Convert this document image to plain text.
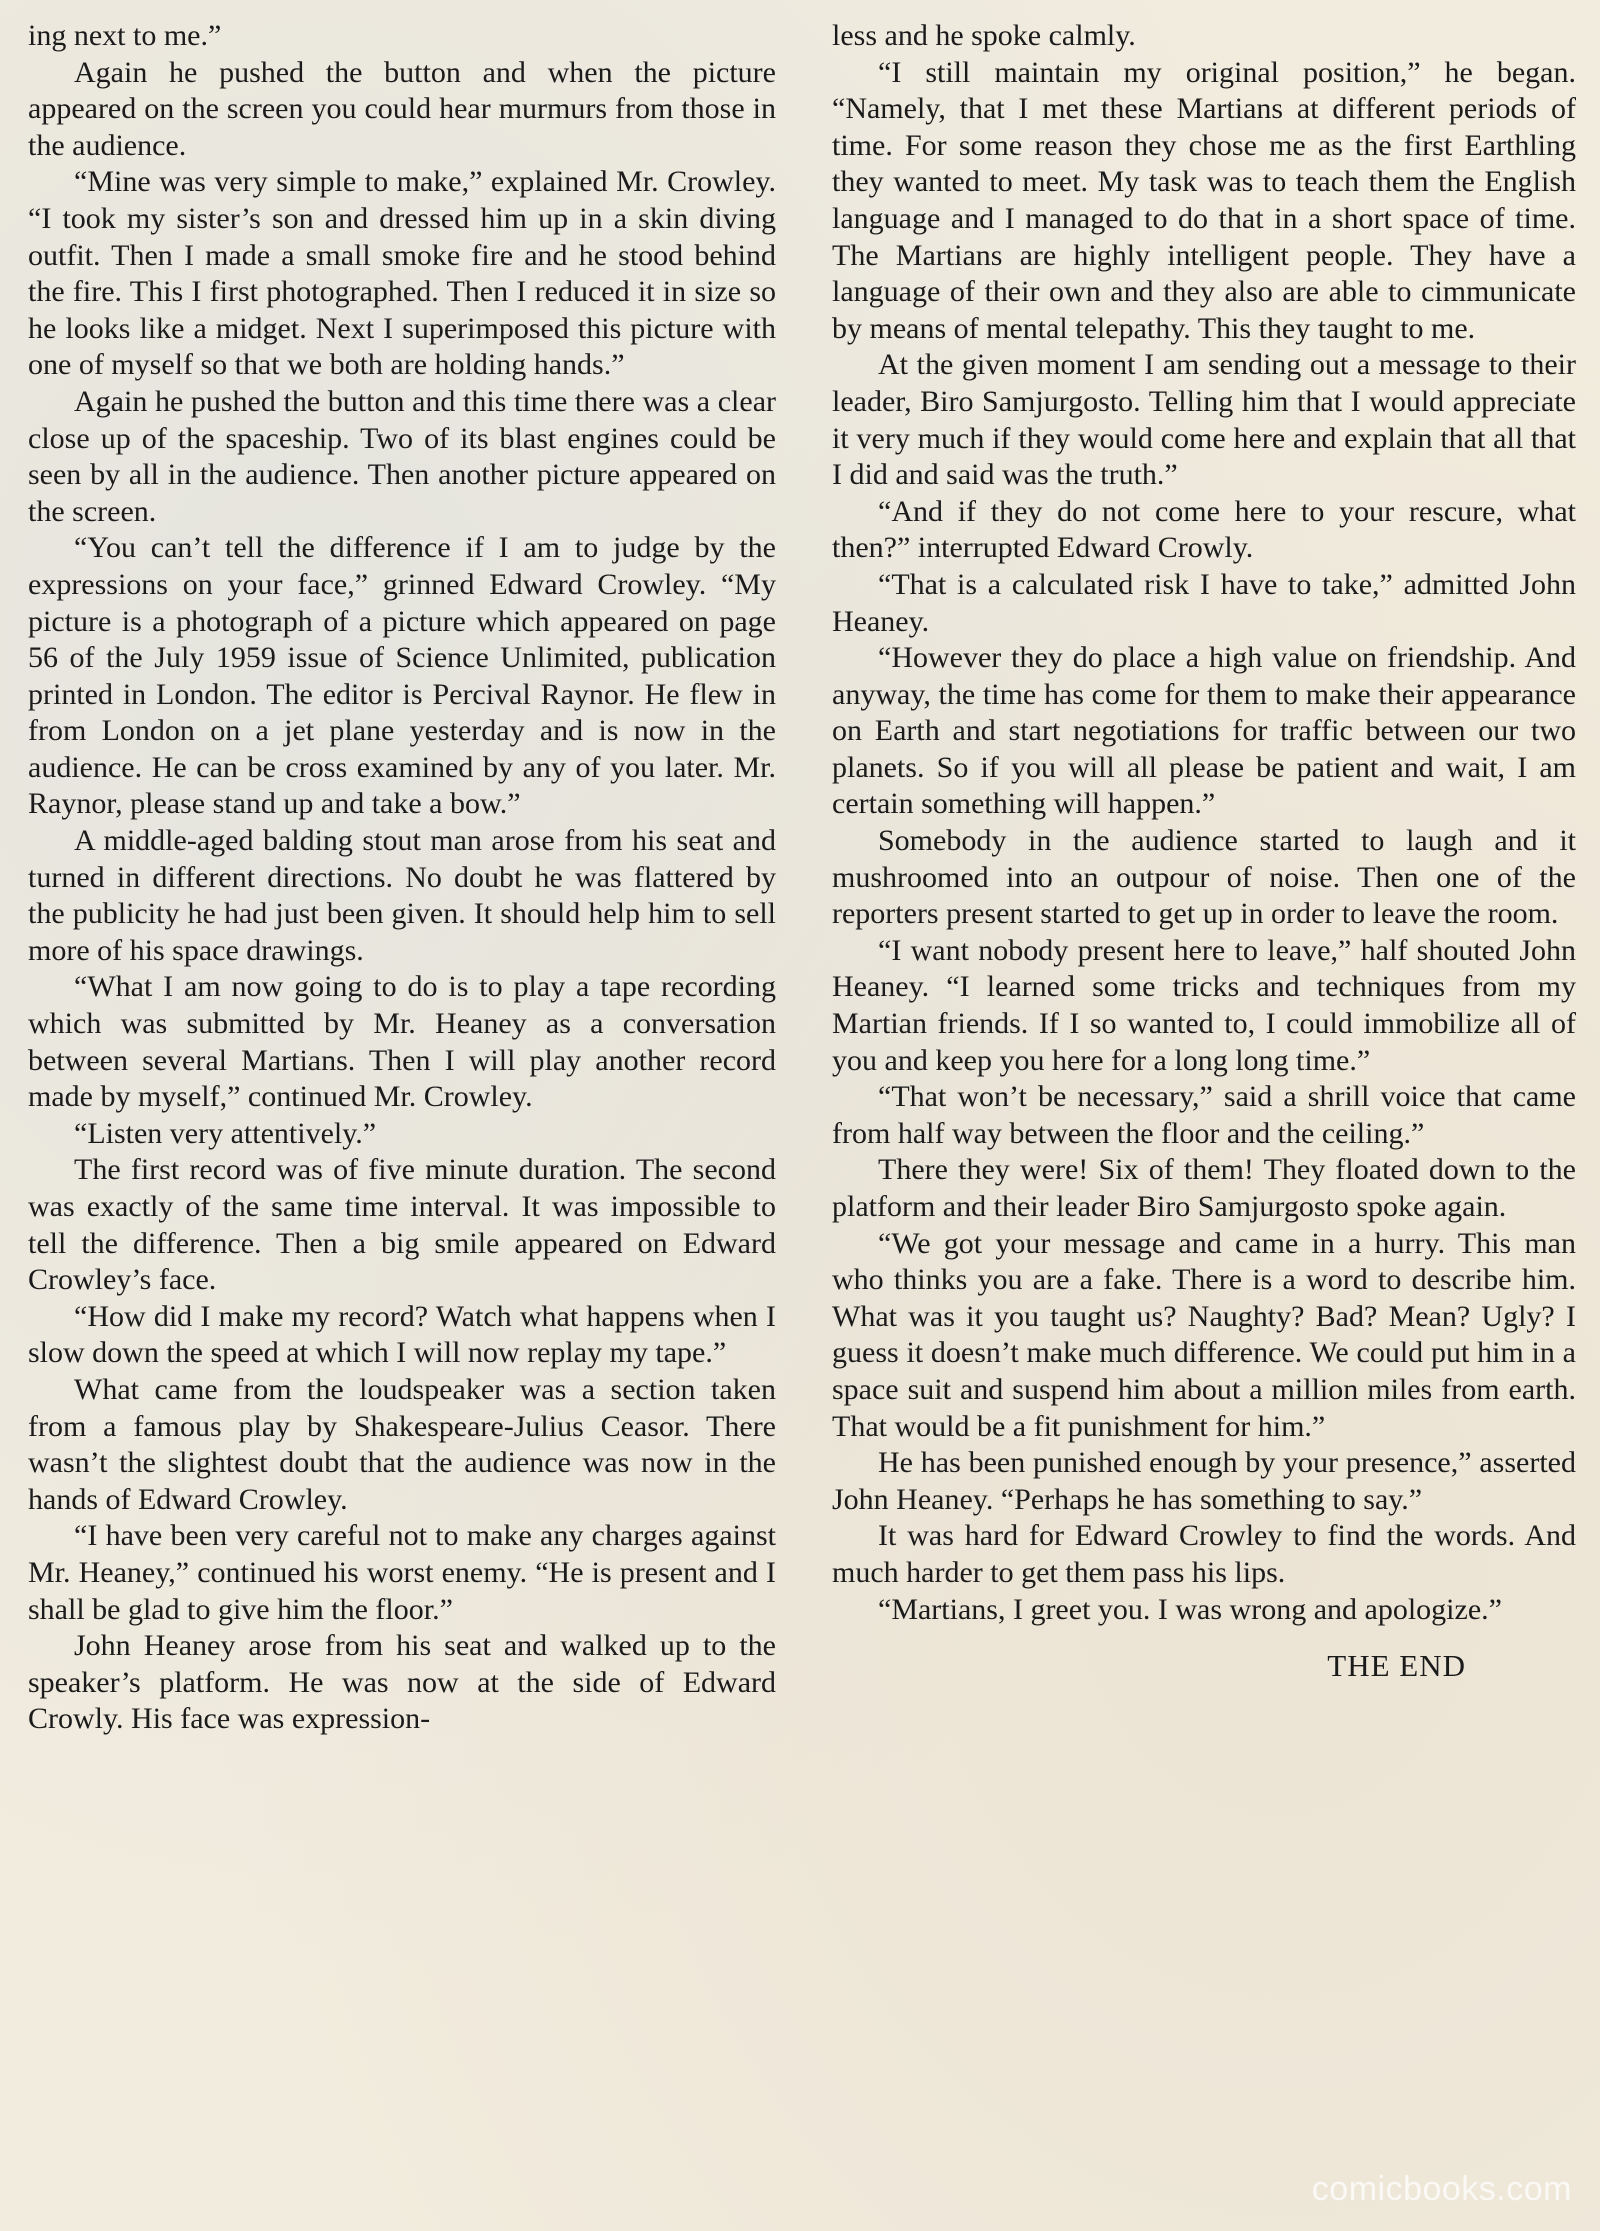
ing next to me.”

Again he pushed the button and when the picture appeared on the screen you could hear murmurs from those in the audience.

“Mine was very simple to make,” explained Mr. Crowley. “I took my sister’s son and dressed him up in a skin diving outfit. Then I made a small smoke fire and he stood behind the fire. This I first photographed. Then I reduced it in size so he looks like a midget. Next I superimposed this picture with one of myself so that we both are holding hands.”

Again he pushed the button and this time there was a clear close up of the spaceship. Two of its blast engines could be seen by all in the audience. Then another picture appeared on the screen.

“You can’t tell the difference if I am to judge by the expressions on your face,” grinned Edward Crowley. “My picture is a photograph of a picture which appeared on page 56 of the July 1959 issue of Science Unlimited, publication printed in London. The editor is Percival Raynor. He flew in from London on a jet plane yesterday and is now in the audience. He can be cross examined by any of you later. Mr. Raynor, please stand up and take a bow.”

A middle-aged balding stout man arose from his seat and turned in different directions. No doubt he was flattered by the publicity he had just been given. It should help him to sell more of his space drawings.

“What I am now going to do is to play a tape recording which was submitted by Mr. Heaney as a conversation between several Martians. Then I will play another record made by myself,” continued Mr. Crowley.

“Listen very attentively.”

The first record was of five minute duration. The second was exactly of the same time interval. It was impossible to tell the difference. Then a big smile appeared on Edward Crowley’s face.

“How did I make my record? Watch what happens when I slow down the speed at which I will now replay my tape.”

What came from the loudspeaker was a section taken from a famous play by Shakespeare-Julius Ceasor. There wasn’t the slightest doubt that the audience was now in the hands of Edward Crowley.

“I have been very careful not to make any charges against Mr. Heaney,” continued his worst enemy. “He is present and I shall be glad to give him the floor.”

John Heaney arose from his seat and walked up to the speaker’s platform. He was now at the side of Edward Crowly. His face was expression-

less and he spoke calmly.

“I still maintain my original position,” he began. “Namely, that I met these Martians at different periods of time. For some reason they chose me as the first Earthling they wanted to meet. My task was to teach them the English language and I managed to do that in a short space of time. The Martians are highly intelligent people. They have a language of their own and they also are able to cimmunicate by means of mental telepathy. This they taught to me.

At the given moment I am sending out a message to their leader, Biro Samjurgosto. Telling him that I would appreciate it very much if they would come here and explain that all that I did and said was the truth.”

“And if they do not come here to your rescure, what then?” interrupted Edward Crowly.

“That is a calculated risk I have to take,” admitted John Heaney.

“However they do place a high value on friendship. And anyway, the time has come for them to make their appearance on Earth and start negotiations for traffic between our two planets. So if you will all please be patient and wait, I am certain something will happen.”

Somebody in the audience started to laugh and it mushroomed into an outpour of noise. Then one of the reporters present started to get up in order to leave the room.

“I want nobody present here to leave,” half shouted John Heaney. “I learned some tricks and techniques from my Martian friends. If I so wanted to, I could immobilize all of you and keep you here for a long long time.”

“That won’t be necessary,” said a shrill voice that came from half way between the floor and the ceiling.”

There they were! Six of them! They floated down to the platform and their leader Biro Samjurgosto spoke again.

“We got your message and came in a hurry. This man who thinks you are a fake. There is a word to describe him. What was it you taught us? Naughty? Bad? Mean? Ugly? I guess it doesn’t make much difference. We could put him in a space suit and suspend him about a million miles from earth. That would be a fit punishment for him.”

He has been punished enough by your presence,” asserted John Heaney. “Perhaps he has something to say.”

It was hard for Edward Crowley to find the words. And much harder to get them pass his lips.

“Martians, I greet you. I was wrong and apologize.”

THE END
comicbooks.com
